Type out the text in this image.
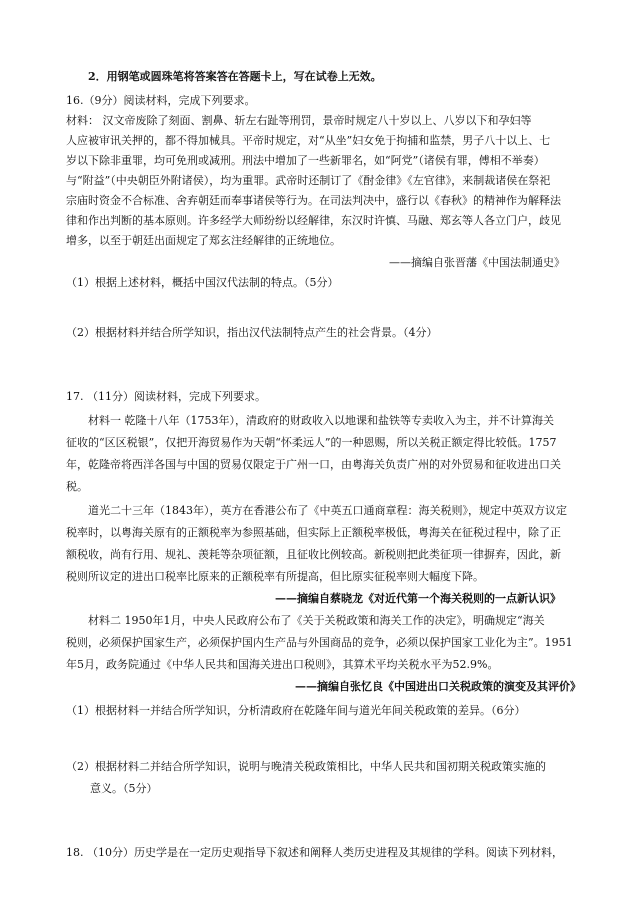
2．用钢笔或圆珠笔将答案答在答题卡上，写在试卷上无效。
16.（9分）阅读材料，完成下列要求。
材料： 汉文帝废除了刻面、割鼻、斩左右趾等刑罚，景帝时规定八十岁以上、八岁以下和孕妇等
人应被审讯关押的，都不得加械具。平帝时规定，对“从坐”妇女免于拘捕和监禁，男子八十以上、七
岁以下除非重罪，均可免刑或减刑。刑法中增加了一些新罪名，如“阿党”（诸侯有罪，傅相不举奏）
与“附益”（中央朝臣外附诸侯），均为重罪。武帝时还制订了《酎金律》《左官律》，来制裁诸侯在祭祀
宗庙时资金不合标准、舍弃朝廷而奉事诸侯等行为。在司法判决中，盛行以《春秋》的精神作为解释法
律和作出判断的基本原则。许多经学大师纷纷以经解律，东汉时许慎、马融、郑玄等人各立门户，歧见
增多，以至于朝廷出面规定了郑玄注经解律的正统地位。
——摘编自张晋藩《中国法制通史》
（1）根据上述材料，概括中国汉代法制的特点。（5分）
（2）根据材料并结合所学知识，指出汉代法制特点产生的社会背景。（4分）
17. （11分）阅读材料，完成下列要求。
材料一 乾隆十八年（1753年），清政府的财政收入以地课和盐铁等专卖收入为主，并不计算海关
征收的“区区税银”，仅把开海贸易作为天朝“怀柔远人”的一种恩赐，所以关税正额定得比较低。1757
年，乾隆帝将西洋各国与中国的贸易仅限定于广州一口，由粤海关负责广州的对外贸易和征收进出口关
税。
道光二十三年（1843年），英方在香港公布了《中英五口通商章程：海关税则》，规定中英双方议定
税率时，以粤海关原有的正额税率为参照基础，但实际上正额税率极低，粤海关在征税过程中，除了正
额税收，尚有行用、规礼、羡耗等杂项征额，且征收比例较高。新税则把此类征项一律摒弃，因此，新
税则所议定的进出口税率比原来的正额税率有所提高，但比原实征税率则大幅度下降。
——摘编自蔡晓龙《对近代第一个海关税则的一点新认识》
材料二 1950年1月，中央人民政府公布了《关于关税政策和海关工作的决定》，明确规定“海关
税则，必须保护国家生产，必须保护国内生产品与外国商品的竞争，必须以保护国家工业化为主”。1951
年5月，政务院通过《中华人民共和国海关进出口税则》，其算术平均关税水平为52.9%。
——摘编自张忆良《中国进出口关税政策的演变及其评价》
（1）根据材料一并结合所学知识，分析清政府在乾隆年间与道光年间关税政策的差异。（6分）
（2）根据材料二并结合所学知识，说明与晚清关税政策相比，中华人民共和国初期关税政策实施的
意义。（5分）
18. （10分）历史学是在一定历史观指导下叙述和阐释人类历史进程及其规律的学科。阅读下列材料，
